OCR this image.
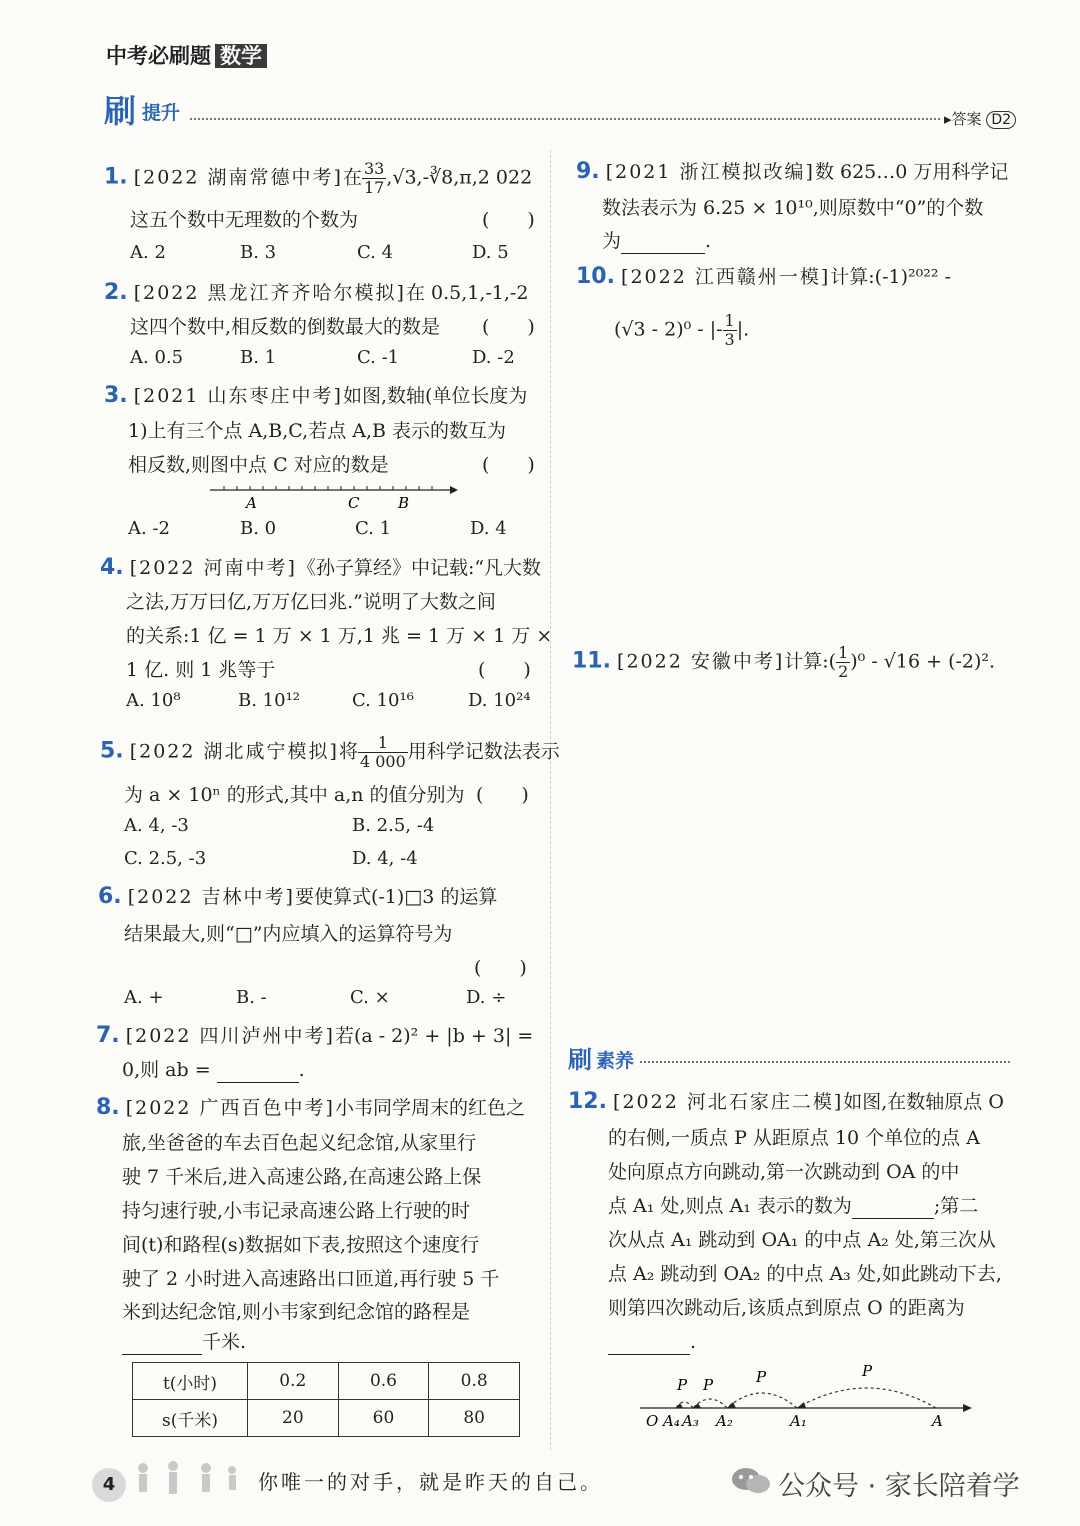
中考必刷题 数学
刷 提升	▸答案 D2
1. [2022 湖南常德中考]在 $\frac{33}{17}$ ,√3,-∛8,π,2 022
这五个数中无理数的个数为	(　　)
A. 2	B. 3	C. 4	D. 5
2. [2022 黑龙江齐齐哈尔模拟]在 0.5,1,-1,-2
这四个数中,相反数的倒数最大的数是 (　　)
A. 0.5	B. 1	C. -1	D. -2
3. [2021 山东枣庄中考]如图,数轴(单位长度为
1)上有三个点 A,B,C,若点 A,B 表示的数互为
相反数,则图中点 C 对应的数是	(　　)
A	C	B
A. -2	B. 0	C. 1	D. 4
4. [2022 河南中考]《孙子算经》中记载:“凡大数
之法,万万曰亿,万万亿曰兆.”说明了大数之间
的关系:1 亿 = 1 万 × 1 万,1 兆 = 1 万 × 1 万 ×
1 亿. 则 1 兆等于	(　　)
A. 10⁸	B. 10¹²	C. 10¹⁶	D. 10²⁴
5. [2022 湖北咸宁模拟]将 $\frac{1}{4 000}$ 用科学记数法表示
为 a × 10ⁿ 的形式,其中 a,n 的值分别为 (　　)
A. 4, -3	B. 2.5, -4
C. 2.5, -3	D. 4, -4
6. [2022 吉林中考]要使算式(-1)□3 的运算
结果最大,则“□”内应填入的运算符号为
(　　)
A. +	B. -	C. ×	D. ÷
7. [2022 四川泸州中考]若(a - 2)² + |b + 3| =
0,则 ab =	.
8. [2022 广西百色中考]小韦同学周末的红色之
旅,坐爸爸的车去百色起义纪念馆,从家里行
驶 7 千米后,进入高速公路,在高速公路上保
持匀速行驶,小韦记录高速公路上行驶的时
间(t)和路程(s)数据如下表,按照这个速度行
驶了 2 小时进入高速路出口匝道,再行驶 5 千
米到达纪念馆,则小韦家到纪念馆的路程是
千米.
t(小时)	0.2	0.6	0.8
s(千米)	20	60	80
9. [2021 浙江模拟改编]数 625…0 万用科学记
数法表示为 6.25 × 10¹⁰,则原数中“0”的个数
为	.
10. [2022 江西赣州一模]计算:(-1)²⁰²² -
(√3 - 2)⁰ - |- $\frac{1}{3}$ |.
11. [2022 安徽中考]计算:( $\frac{1}{2} )^0 - √16 + (-2)^2$.
刷 素养
12. [2022 河北石家庄二模]如图,在数轴原点 O
的右侧,一质点 P 从距原点 10 个单位的点 A
处向原点方向跳动,第一次跳动到 OA 的中
点 A₁ 处,则点 A₁ 表示的数为	;第二
次从点 A₁ 跳动到 OA₁ 的中点 A₂ 处,第三次从
点 A₂ 跳动到 OA₂ 的中点 A₃ 处,如此跳动下去,
则第四次跳动后,该质点到原点 O 的距离为
.
P P	P	P
O A₄ A₃ A₂	A₁	A
4	你唯一的对手，就是昨天的自己。	公众号 · 家长陪着学
